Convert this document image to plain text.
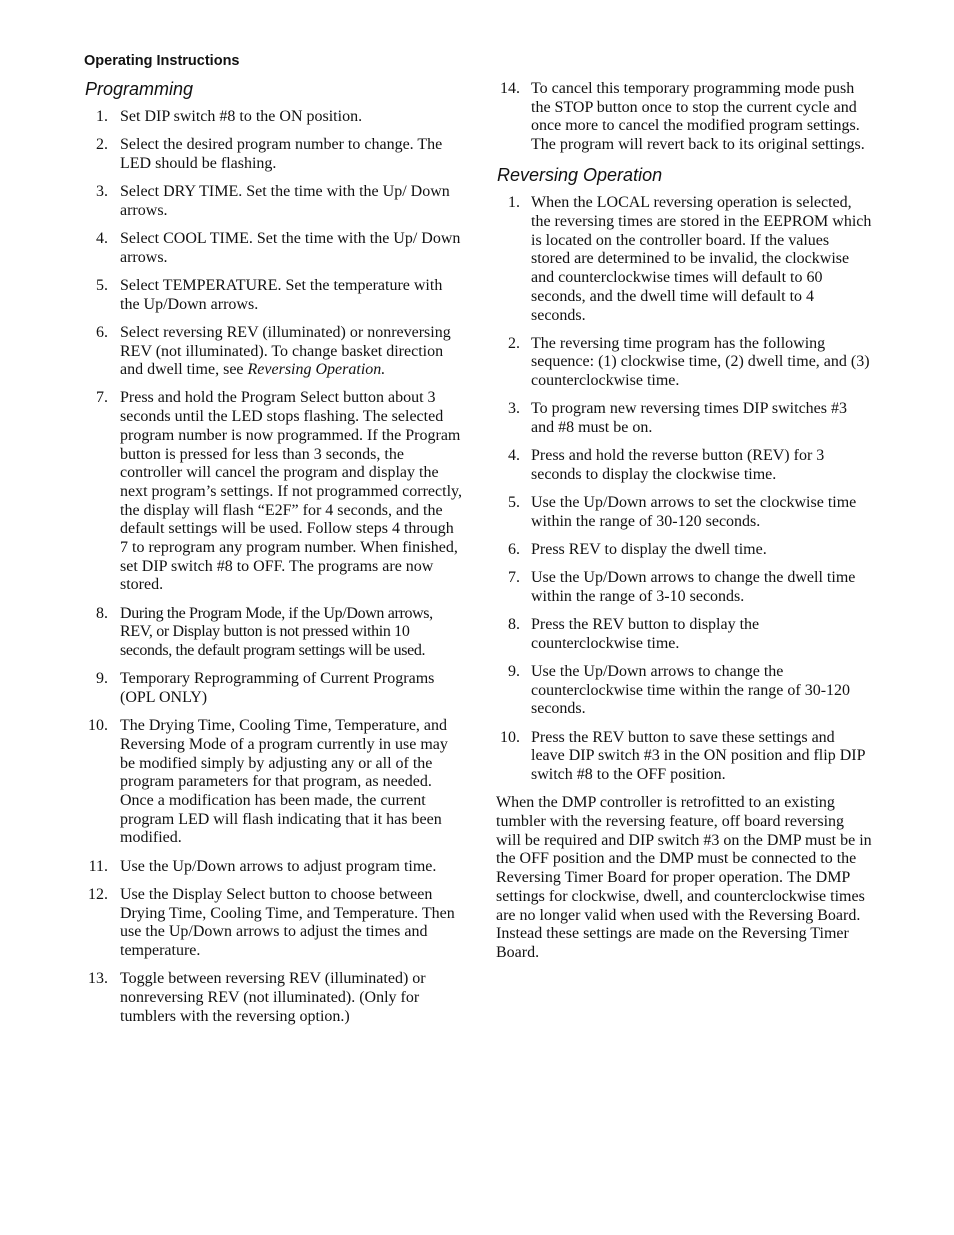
Operating Instructions
Programming
1. Set DIP switch #8 to the ON position.
2. Select the desired program number to change. The LED should be flashing.
3. Select DRY TIME. Set the time with the Up/ Down arrows.
4. Select COOL TIME. Set the time with the Up/ Down arrows.
5. Select TEMPERATURE. Set the temperature with the Up/Down arrows.
6. Select reversing REV (illuminated) or nonreversing REV (not illuminated). To change basket direction and dwell time, see Reversing Operation.
7. Press and hold the Program Select button about 3 seconds until the LED stops flashing. The selected program number is now programmed. If the Program button is pressed for less than 3 seconds, the controller will cancel the program and display the next program’s settings. If not programmed correctly, the display will flash “E2F” for 4 seconds, and the default settings will be used. Follow steps 4 through 7 to reprogram any program number. When finished, set DIP switch #8 to OFF. The programs are now stored.
8. During the Program Mode, if the Up/Down arrows, REV, or Display button is not pressed within 10 seconds, the default program settings will be used.
9. Temporary Reprogramming of Current Programs (OPL ONLY)
10. The Drying Time, Cooling Time, Temperature, and Reversing Mode of a program currently in use may be modified simply by adjusting any or all of the program parameters for that program, as needed. Once a modification has been made, the current program LED will flash indicating that it has been modified.
11. Use the Up/Down arrows to adjust program time.
12. Use the Display Select button to choose between Drying Time, Cooling Time, and Temperature. Then use the Up/Down arrows to adjust the times and temperature.
13. Toggle between reversing REV (illuminated) or nonreversing REV (not illuminated). (Only for tumblers with the reversing option.)
14. To cancel this temporary programming mode push the STOP button once to stop the current cycle and once more to cancel the modified program settings. The program will revert back to its original settings.
Reversing Operation
1. When the LOCAL reversing operation is selected, the reversing times are stored in the EEPROM which is located on the controller board. If the values stored are determined to be invalid, the clockwise and counterclockwise times will default to 60 seconds, and the dwell time will default to 4 seconds.
2. The reversing time program has the following sequence: (1) clockwise time, (2) dwell time, and (3) counterclockwise time.
3. To program new reversing times DIP switches #3 and #8 must be on.
4. Press and hold the reverse button (REV) for 3 seconds to display the clockwise time.
5. Use the Up/Down arrows to set the clockwise time within the range of 30-120 seconds.
6. Press REV to display the dwell time.
7. Use the Up/Down arrows to change the dwell time within the range of 3-10 seconds.
8. Press the REV button to display the counterclockwise time.
9. Use the Up/Down arrows to change the counterclockwise time within the range of 30-120 seconds.
10. Press the REV button to save these settings and leave DIP switch #3 in the ON position and flip DIP switch #8 to the OFF position.

When the DMP controller is retrofitted to an existing tumbler with the reversing feature, off board reversing will be required and DIP switch #3 on the DMP must be in the OFF position and the DMP must be connected to the Reversing Timer Board for proper operation. The DMP settings for clockwise, dwell, and counterclockwise times are no longer valid when used with the Reversing Board. Instead these settings are made on the Reversing Timer Board.
